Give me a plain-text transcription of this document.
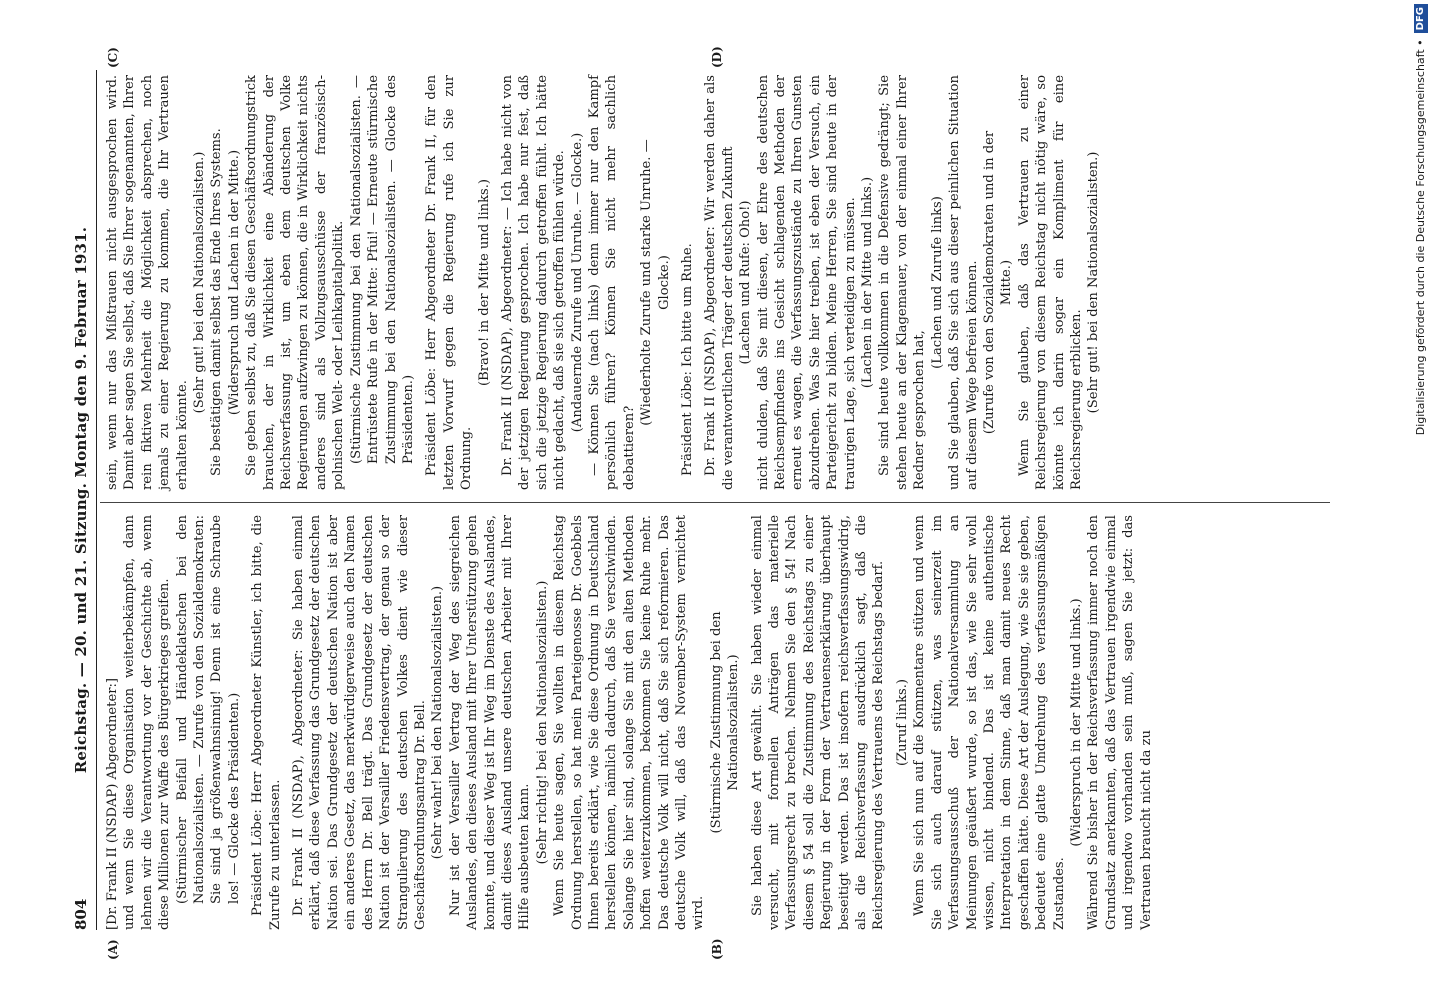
804
Reichstag. — 20. und 21. Sitzung. Montag den 9. Februar 1931.
(A)	(B)
(C)	(D)

[Dr. Frank II (NSDAP) Abgeordneter:] und wenn Sie diese Organisation weiterbekämpfen, dann lehnen wir die Verantwortung vor der Geschichte ab, wenn diese Millionen zur Waffe des Bürgerkrieges greifen. (Stürmischer Beifall und Händeklatschen bei den Nationalsozialisten. — Zurufe von den Sozialdemokraten: Sie sind ja größenwahnsinnig! Denn ist eine Schraube los! — Glocke des Präsidenten.) Präsident Löbe: Herr Abgeordneter Künstler, ich bitte, die Zurufe zu unterlassen. Dr. Frank II (NSDAP), Abgeordneter: Sie haben einmal erklärt, daß diese Verfassung das Grundgesetz der deutschen Nation sei. Das Grundgesetz der deutschen Nation ist aber ein anderes Gesetz, das merkwürdigerweise auch den Namen des Herrn Dr. Bell trägt. Das Grundgesetz der deutschen Nation ist der Versailler Friedensvertrag, der genau so der Strangulierung des deutschen Volkes dient wie dieser Geschäftsordnungsantrag Dr. Bell. (Sehr wahr! bei den Nationalsozialisten.) Nur ist der Versailler Vertrag der Weg des siegreichen Auslandes, den dieses Ausland mit Ihrer Unterstützung gehen konnte, und dieser Weg ist Ihr Weg im Dienste des Auslandes, damit dieses Ausland unsere deutschen Arbeiter mit Ihrer Hilfe ausbeuten kann. (Sehr richtig! bei den Nationalsozialisten.) Wenn Sie heute sagen, Sie wollten in diesem Reichstag Ordnung herstellen, so hat mein Parteigenosse Dr. Goebbels Ihnen bereits erklärt, wie Sie diese Ordnung in Deutschland herstellen können, nämlich dadurch, daß Sie verschwinden. Solange Sie hier sind, solange Sie mit den alten Methoden hoffen weiterzukommen, bekommen Sie keine Ruhe mehr. Das deutsche Volk will nicht, daß Sie sich reformieren. Das deutsche Volk will, daß das November-System vernichtet wird.

(Stürmische Zustimmung bei den Nationalsozialisten.) Sie haben diese Art gewählt. Sie haben wieder einmal versucht, mit formellen Anträgen das materielle Verfassungsrecht zu brechen. Nehmen Sie den § 54! Nach diesem § 54 soll die Zustimmung des Reichstags zu einer Regierung in der Form der Vertrauenserklärung überhaupt beseitigt werden. Das ist insofern reichsverfassungswidrig, als die Reichsverfassung ausdrücklich sagt, daß die Reichsregierung des Vertrauens des Reichstags bedarf. (Zuruf links.) Wenn Sie sich nun auf die Kommentare stützen und wenn Sie sich auch darauf stützen, was seinerzeit im Verfassungsausschuß der Nationalversammlung an Meinungen geäußert wurde, so ist das, wie Sie sehr wohl wissen, nicht bindend. Das ist keine authentische Interpretation in dem Sinne, daß man damit neues Recht geschaffen hätte. Diese Art der Auslegung, wie Sie sie geben, bedeutet eine glatte Umdrehung des verfassungsmäßigen Zustandes.

(Widerspruch in der Mitte und links.) Während Sie bisher in der Reichsverfassung immer noch den Grundsatz anerkannten, daß das Vertrauen irgendwie einmal und irgendwo vorhanden sein muß, sagen Sie jetzt: das Vertrauen braucht nicht da zu

sein, wenn nur das Mißtrauen nicht ausgesprochen wird. Damit aber sagen Sie selbst, daß Sie Ihrer sogenannten, Ihrer rein fiktiven Mehrheit die Möglichkeit absprechen, noch jemals zu einer Regierung zu kommen, die Ihr Vertrauen erhalten könnte.

(Sehr gut! bei den Nationalsozialisten.) Sie bestätigen damit selbst das Ende Ihres Systems. (Widerspruch und Lachen in der Mitte.) Sie geben selbst zu, daß Sie diesen Geschäftsordnungstrick brauchen, der in Wirklichkeit eine Abänderung der Reichsverfassung ist, um eben dem deutschen Volke Regierungen aufzwingen zu können, die in Wirklichkeit nichts anderes sind als Vollzugsausschüsse der französisch-polnischen Welt- oder Leihkapitalpolitik. (Stürmische Zustimmung bei den Nationalsozialisten. — Entrüstete Rufe in der Mitte: Pfui! — Erneute stürmische Zustimmung bei den Nationalsozialisten. — Glocke des Präsidenten.) Präsident Löbe: Herr Abgeordneter Dr. Frank II, für den letzten Vorwurf gegen die Regierung rufe ich Sie zur Ordnung.

(Bravo! in der Mitte und links.) Dr. Frank II (NSDAP), Abgeordneter: — Ich habe nicht von der jetzigen Regierung gesprochen. Ich habe nur fest, daß sich die jetzige Regierung dadurch getroffen fühlt. Ich hätte nicht gedacht, daß sie sich getroffen fühlen würde. (Andauernde Zurufe und Unruhe. — Glocke.) — Können Sie (nach links) denn immer nur den Kampf persönlich führen? Können Sie nicht mehr sachlich debattieren?

(Wiederholte Zurufe und starke Unruhe. — Glocke.) Präsident Löbe: Ich bitte um Ruhe. Dr. Frank II (NSDAP), Abgeordneter: Wir werden daher als die verantwortlichen Träger der deutschen Zukunft (Lachen und Rufe: Oho!) nicht dulden, daß Sie mit diesen, der Ehre des deutschen Reichsempfindens ins Gesicht schlagenden Methoden der erneut es wagen, die Verfassungszustände zu Ihren Gunsten abzudrehen. Was Sie hier treiben, ist eben der Versuch, ein Parteigericht zu bilden. Meine Herren, Sie sind heute in der traurigen Lage, sich verteidigen zu müssen. (Lachen in der Mitte und links.) Sie sind heute vollkommen in die Defensive gedrängt; Sie stehen heute an der Klagemauer, von der einmal einer Ihrer Redner gesprochen hat,

(Lachen und Zurufe links) und Sie glauben, daß Sie sich aus dieser peinlichen Situation auf diesem Wege befreien können. (Zurufe von den Sozialdemokraten und in der Mitte.) Wenn Sie glauben, daß das Vertrauen zu einer Reichsregierung von diesem Reichstag nicht nötig wäre, so könnte ich darin sogar ein Kompliment für eine Reichsregierung erblicken. (Sehr gut! bei den Nationalsozialisten.)	Digitalisierung gefördert durch die Deutsche Forschungsgemeinschaft •
DFG
